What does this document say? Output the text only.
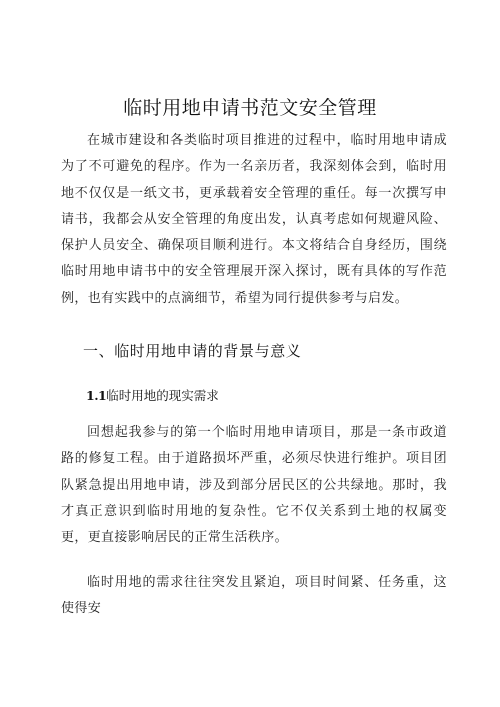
临时用地申请书范文安全管理

在城市建设和各类临时项目推进的过程中，临时用地申请成为了不可避免的程序。作为一名亲历者，我深刻体会到，临时用地不仅仅是一纸文书，更承载着安全管理的重任。每一次撰写申请书，我都会从安全管理的角度出发，认真考虑如何规避风险、保护人员安全、确保项目顺利进行。本文将结合自身经历，围绕临时用地申请书中的安全管理展开深入探讨，既有具体的写作范例，也有实践中的点滴细节，希望为同行提供参考与启发。

一、临时用地申请的背景与意义
1.1临时用地的现实需求

回想起我参与的第一个临时用地申请项目，那是一条市政道路的修复工程。由于道路损坏严重，必须尽快进行维护。项目团队紧急提出用地申请，涉及到部分居民区的公共绿地。那时，我才真正意识到临时用地的复杂性。它不仅关系到土地的权属变更，更直接影响居民的正常生活秩序。

临时用地的需求往往突发且紧迫，项目时间紧、任务重，这使得安
